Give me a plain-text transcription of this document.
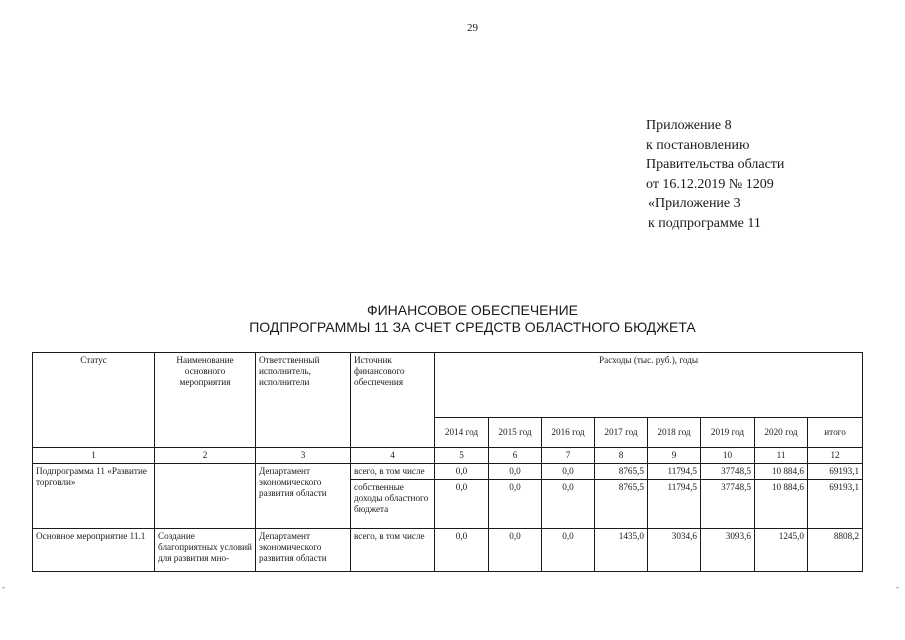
29
Приложение 8
к постановлению
Правительства области
от 16.12.2019 № 1209
«Приложение 3
к подпрограмме 11
ФИНАНСОВОЕ ОБЕСПЕЧЕНИЕ
ПОДПРОГРАММЫ 11 ЗА СЧЕТ СРЕДСТВ ОБЛАСТНОГО БЮДЖЕТА
Статус	Наименование основного мероприятия	Ответственный исполнитель, исполнители	Источник финансового обеспечения	Расходы (тыс. руб.), годы							
				2014 год	2015 год	2016 год	2017 год	2018 год	2019 год	2020 год	итого
1	2	3	4	5	6	7	8	9	10	11	12
Подпрограмма 11 «Развитие торговли»		Департамент экономического развития области	всего, в том числе	0,0	0,0	0,0	8765,5	11794,5	37748,5	10 884,6	69193,1

			собственные доходы областного бюджета	0,0	0,0	0,0	8765,5	11794,5	37748,5	10 884,6	69193,1
Основное мероприятие 11.1	Создание благоприятных условий для развития мно-	Департамент экономического развития области	всего, в том числе	0,0	0,0	0,0	1435,0	3034,6	3093,6	1245,0	8808,2
-	-
